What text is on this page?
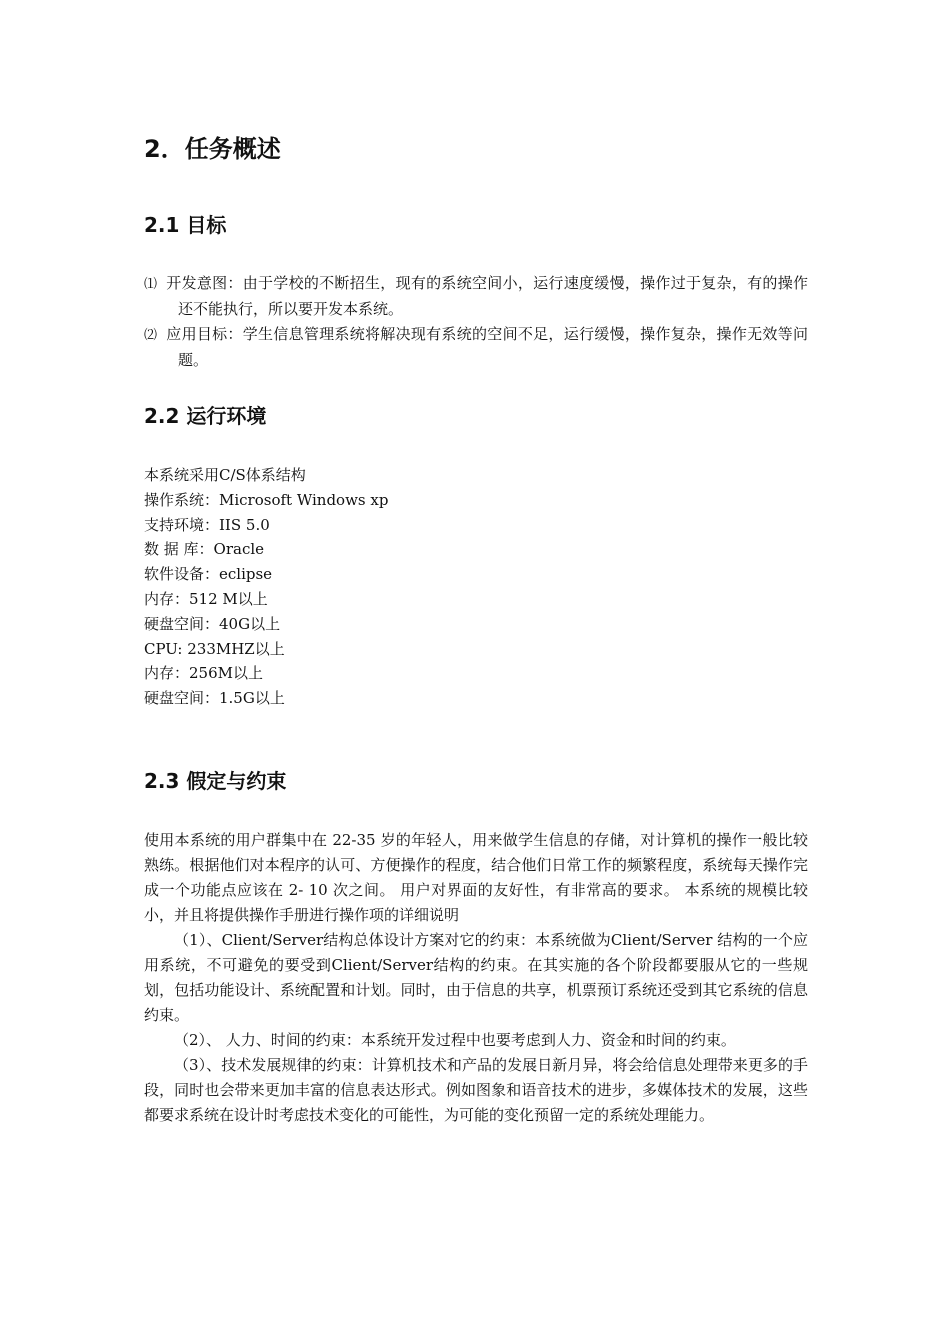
2．任务概述
2.1 目标

⑴ 开发意图：由于学校的不断招生，现有的系统空间小，运行速度缓慢，操作过于复杂，有的操作还不能执行，所以要开发本系统。

⑵ 应用目标：学生信息管理系统将解决现有系统的空间不足，运行缓慢，操作复杂，操作无效等问题。

2.2 运行环境

本系统采用C/S体系结构

操作系统：Microsoft Windows xp

支持环境：IIS 5.0

数 据 库：Oracle

软件设备：eclipse

内存：512 M以上

硬盘空间：40G以上

CPU: 233MHZ以上

内存：256M以上

硬盘空间：1.5G以上

2.3 假定与约束

使用本系统的用户群集中在 22-35 岁的年轻人，用来做学生信息的存储，对计算机的操作一般比较熟练。根据他们对本程序的认可、方便操作的程度，结合他们日常工作的频繁程度，系统每天操作完成一个功能点应该在 2- 10 次之间。 用户对界面的友好性，有非常高的要求。 本系统的规模比较小，并且将提供操作手册进行操作项的详细说明

（1）、Client/Server结构总体设计方案对它的约束：本系统做为Client/Server 结构的一个应用系统，不可避免的要受到Client/Server结构的约束。在其实施的各个阶段都要服从它的一些规划，包括功能设计、系统配置和计划。同时，由于信息的共享，机票预订系统还受到其它系统的信息约束。

（2）、 人力、时间的约束：本系统开发过程中也要考虑到人力、资金和时间的约束。

（3）、技术发展规律的约束：计算机技术和产品的发展日新月异，将会给信息处理带来更多的手段，同时也会带来更加丰富的信息表达形式。例如图象和语音技术的进步，多媒体技术的发展，这些都要求系统在设计时考虑技术变化的可能性，为可能的变化预留一定的系统处理能力。
